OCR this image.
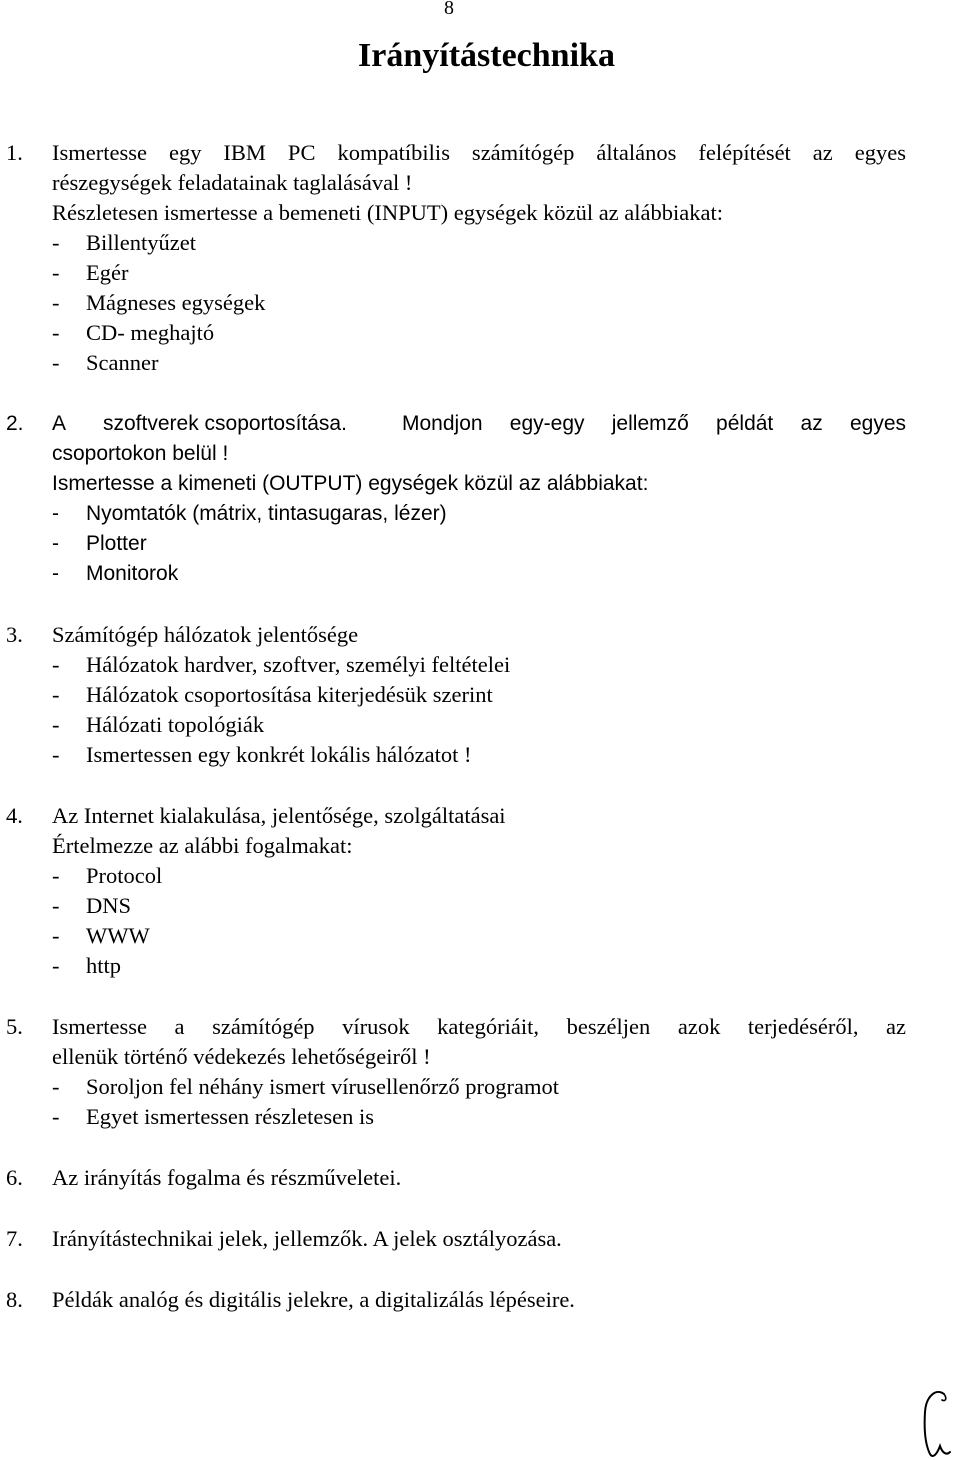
8
Irányítástechnika
1. Ismertesse egy IBM PC kompatíbilis számítógép általános felépítését az egyes
részegységek feladatainak taglalásával !
Részletesen ismertesse a bemeneti (INPUT) egységek közül az alábbiakat:
- Billentyűzet
- Egér
- Mágneses egységek
- CD- meghajtó
- Scanner
2. A szoftverek csoportosítása.	Mondjon egy-egy jellemző példát az egyes
csoportokon belül !
Ismertesse a kimeneti (OUTPUT) egységek közül az alábbiakat:
- Nyomtatók (mátrix, tintasugaras, lézer)
- Plotter
- Monitorok
3. Számítógép hálózatok jelentősége
- Hálózatok hardver, szoftver, személyi feltételei
- Hálózatok csoportosítása kiterjedésük szerint
- Hálózati topológiák
- Ismertessen egy konkrét lokális hálózatot !
4. Az Internet kialakulása, jelentősége, szolgáltatásai
Értelmezze az alábbi fogalmakat:
- Protocol
- DNS
- WWW
- http
5. Ismertesse a számítógép vírusok kategóriáit, beszéljen azok terjedéséről, az
ellenük történő védekezés lehetőségeiről !
- Soroljon fel néhány ismert vírusellenőrző programot
- Egyet ismertessen részletesen is
6. Az irányítás fogalma és részműveletei.
7. Irányítástechnikai jelek, jellemzők. A jelek osztályozása.
8. Példák analóg és digitális jelekre, a digitalizálás lépéseire.
